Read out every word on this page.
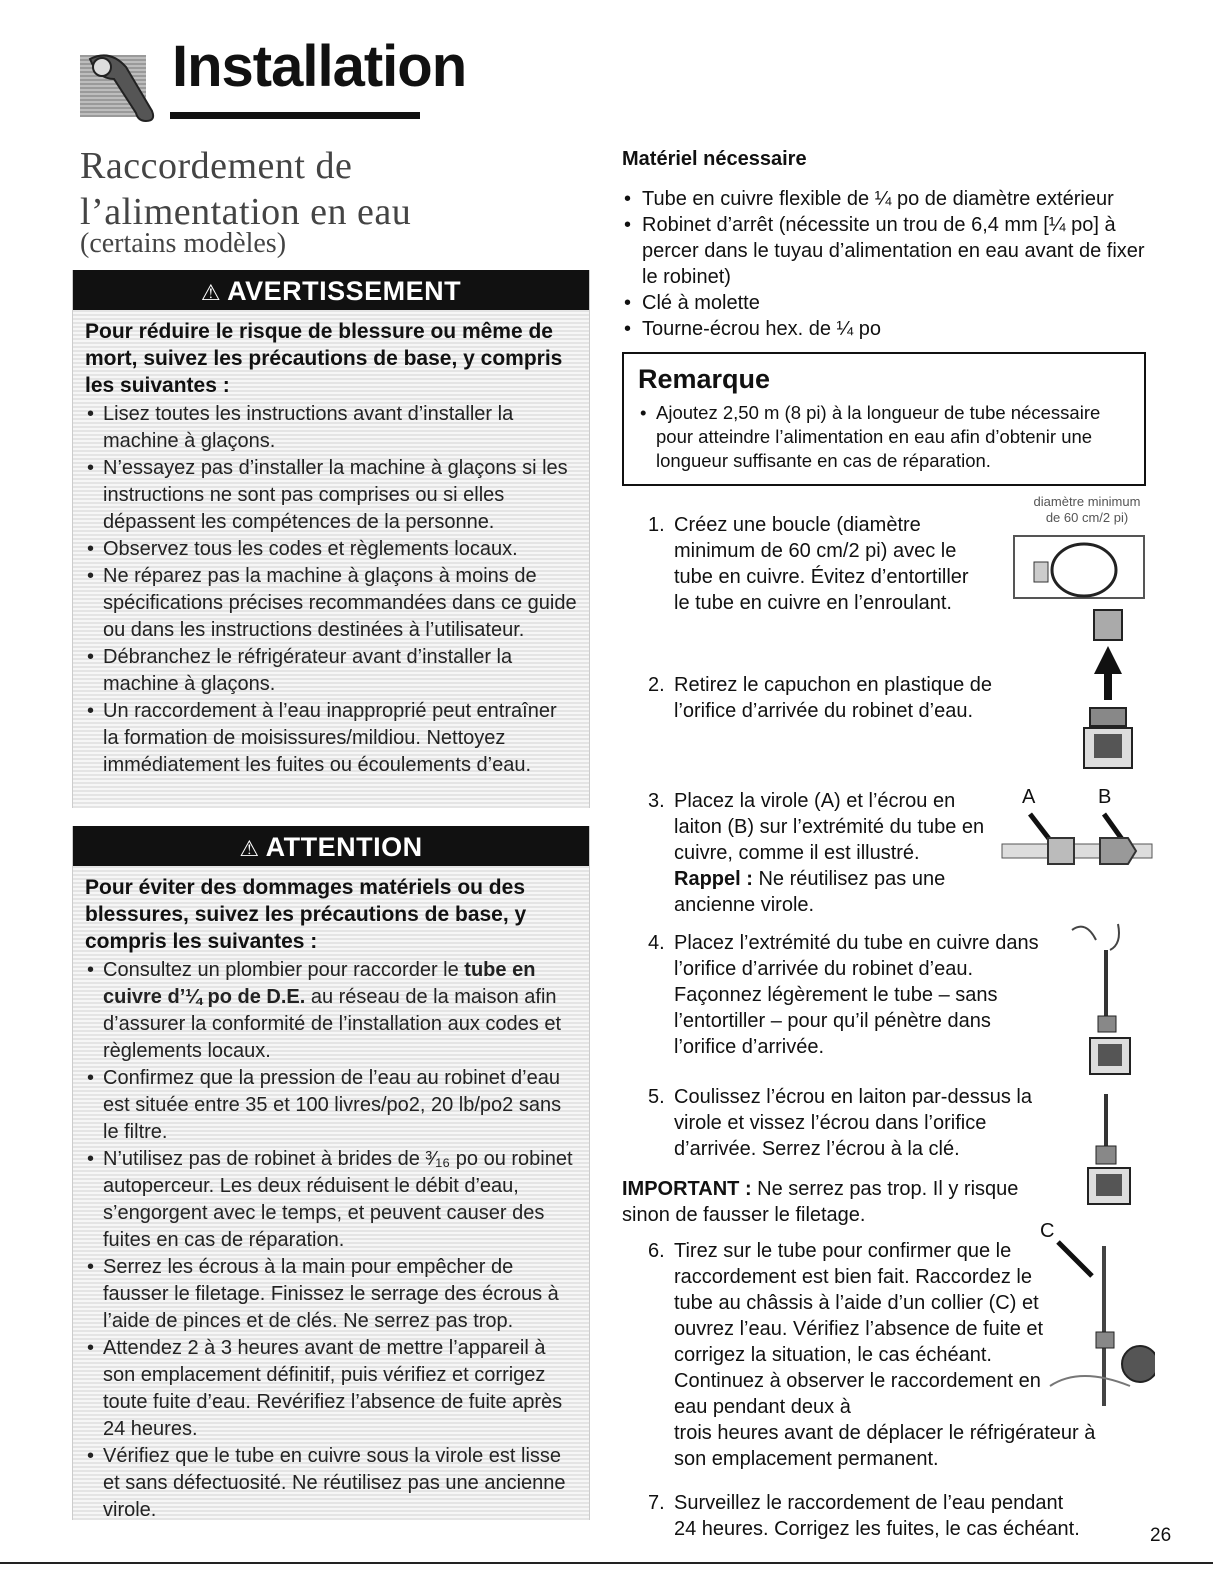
Installation
Raccordement de
l’alimentation en eau
(certains modèles)
⚠ AVERTISSEMENT
Pour réduire le risque de blessure ou même de mort, suivez les précautions de base, y compris les suivantes :
• Lisez toutes les instructions avant d’installer la machine à glaçons.
• N’essayez pas d’installer la machine à glaçons si les instructions ne sont pas comprises ou si elles dépassent les compétences de la personne.
• Observez tous les codes et règlements locaux.
• Ne réparez pas la machine à glaçons à moins de spécifications précises recommandées dans ce guide ou dans les instructions destinées à l’utilisateur.
• Débranchez le réfrigérateur avant d’installer la machine à glaçons.
• Un raccordement à l’eau inapproprié peut entraîner la formation de moisissures/mildiou. Nettoyez immédiatement les fuites ou écoulements d’eau.
⚠ ATTENTION
Pour éviter des dommages matériels ou des blessures, suivez les précautions de base, y compris les suivantes :
• Consultez un plombier pour raccorder le tube en cuivre d’¼ po de D.E. au réseau de la maison afin d’assurer la conformité de l’installation aux codes et règlements locaux.
• Confirmez que la pression de l’eau au robinet d’eau est située entre 35 et 100 livres/po2, 20 lb/po2 sans le filtre.
• N’utilisez pas de robinet à brides de ³⁄₁₆ po ou robinet autoperceur. Les deux réduisent le débit d’eau, s’engorgent avec le temps, et peuvent causer des fuites en cas de réparation.
• Serrez les écrous à la main pour empêcher de fausser le filetage. Finissez le serrage des écrous à l’aide de pinces et de clés. Ne serrez pas trop.
• Attendez 2 à 3 heures avant de mettre l’appareil à son emplacement définitif, puis vérifiez et corrigez toute fuite d’eau. Revérifiez l’absence de fuite après 24 heures.
• Vérifiez que le tube en cuivre sous la virole est lisse et sans défectuosité. Ne réutilisez pas une ancienne virole.
Matériel nécessaire
• Tube en cuivre flexible de ¼ po de diamètre extérieur
• Robinet d’arrêt (nécessite un trou de 6,4 mm [¼ po] à percer dans le tuyau d’alimentation en eau avant de fixer le robinet)
• Clé à molette
• Tourne-écrou hex. de ¼ po
Remarque
• Ajoutez 2,50 m (8 pi) à la longueur de tube nécessaire pour atteindre l’alimentation en eau afin d’obtenir une longueur suffisante en cas de réparation.
1. Créez une boucle (diamètre minimum de 60 cm/2 pi) avec le tube en cuivre. Évitez d’entortiller le tube en cuivre en l’enroulant.
diamètre minimum
de 60 cm/2 pi)
2. Retirez le capuchon en plastique de l’orifice d’arrivée du robinet d’eau.
3. Placez la virole (A) et l’écrou en laiton (B) sur l’extrémité du tube en cuivre, comme il est illustré.
Rappel : Ne réutilisez pas une ancienne virole.
A	B
4. Placez l’extrémité du tube en cuivre dans l’orifice d’arrivée du robinet d’eau. Façonnez légèrement le tube – sans l’entortiller – pour qu’il pénètre dans l’orifice d’arrivée.
5. Coulissez l’écrou en laiton par-dessus la virole et vissez l’écrou dans l’orifice d’arrivée. Serrez l’écrou à la clé.
IMPORTANT : Ne serrez pas trop. Il y risque sinon de fausser le filetage.
6. Tirez sur le tube pour confirmer que le raccordement est bien fait. Raccordez le tube au châssis à l’aide d’un collier (C) et ouvrez l’eau. Vérifiez l’absence de fuite et corrigez la situation, le cas échéant. Continuez à observer le raccordement en eau pendant deux à
trois heures avant de déplacer le réfrigérateur à son emplacement permanent.
C
7. Surveillez le raccordement de l’eau pendant 24 heures. Corrigez les fuites, le cas échéant.	26
